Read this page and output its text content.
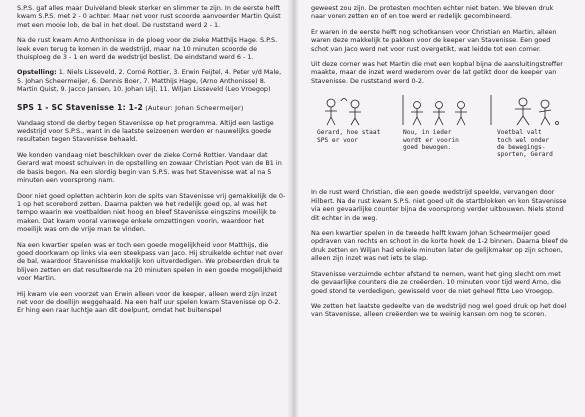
S.P.S. gaf alles maar Duiveland bleek sterker en slimmer te zijn. In de eerste helft kwam S.P.S. met 2 - 0 achter. Maar net voor rust scoorde aanvoerder Martin Quist met een mooie lob, de bal in het doel. De ruststand werd 2 - 1.

Na de rust kwam Arno Anthonisse in de ploeg voor de zieke Matthijs Hage. S.P.S. leek even terug te komen in de wedstrijd, maar na 10 minuten scoorde de thuisploeg de 3 - 1 en werd de wedstrijd beslist. De eindstand werd 6 - 1.

Opstelling: 1. Niels Lisseveld, 2. Corné Rottier, 3. Erwin Feijtel, 4. Peter v/d Male, 5. Johan Scheermeijer, 6. Dennis Boer, 7. Matthijs Hage, (Arno Anthonisse) 8. Martin Quist, 9. Jacco Jansen, 10. Johan Uijl, 11. Wiljan Lisseveld (Leo Vroegop)

SPS 1 - SC Stavenisse 1: 1-2 (Auteur: Johan Scheermeijer)

Vandaag stond de derby tegen Stavenisse op het programma. Altijd een lastige wedstrijd voor S.P.S., want in de laatste seizoenen werden er nauwelijks goede resultaten tegen Stavenisse behaald.

We konden vandaag niet beschikken over de zieke Corné Rottier. Vandaar dat Gerard wat moest schuiven in de opstelling en zowaar Christian Poot van de B1 in de basis begon. Na een slordig begin van S.P.S. was het Stavenisse wat al na 5 minuten een voorsprong nam.

Door niet goed opletten achterin kon de spits van Stavenisse vrij gemakkelijk de 0-1 op het scorebord zetten. Daarna pakten we het redelijk goed op, al was het tempo waarin we voetbalden niet hoog en bleef Stavenisse eingszins moeilijk te maken. Dat kwam vooral vanwege enkele omzettingen voorin, waardoor het moeilijk was om de vrije man te vinden.

Na een kwartier spelen was er toch een goede mogelijkheid voor Matthijs, die goed doorkwam op links via een steekpass van Jaco. Hij struikelde echter net over de bal, waardoor Stavenisse makkelijk kon uitverdedigen. We probeerden druk te blijven zetten en dat resulteerde na 20 minuten spelen in een goede mogelijkheid voor Martin.

Hij kwam vie een voorzet van Erwin alleen voor de keeper, alleen werd zijn inzet net voor de doellijn weggehaald. Na een half uur spelen kwam Stavenisse op 0-2. Er hing een raar luchtje aan dit doelpunt, omdat het buitenspel

geweest zou zijn. De protesten mochten echter niet baten. We bleven druk naar voren zetten en of en toe werd er redelijk gecombineerd.

Er waren in de eerste helft nog schotkansen voor Christian en Martin, alleen waren deze makkelijk te pakken voor de keeper van Stavenisse. Een goed schot van Jaco werd net voor rust overgetikt, wat leidde tot een corner.

Uit deze corner was het Martin die met een kopbal bijna de aansluitingstreffer maakte, maar de inzet werd wederom over de lat getikt door de keeper van Stavenisse. De ruststand werd 0-2.

Gerard, hoe staat
SPS er voor
Nou, in ieder
wordt er voorin
goed bewogen.
Voetbal valt
toch wel onder
de bewegings-
sporten, Gerard

In de rust werd Christian, die een goede wedstrijd speelde, vervangen door Hilbert. Na de rust kwam S.P.S. niet goed uit de startblokken en kon Stavenisse via een gevaarlijke counter bijna de voorsprong verder uitbouwen. Niels stond dit echter in de weg.

Na een kwartier spelen in de tweede helft kwam Johan Scheermeijer goed opdraven van rechts en schoot in de korte hoek de 1-2 binnen. Daarna bleef de druk zetten en Wiljan had enkele minuten later de gelijkmaker op zijn schoen, alleen zijn inzet was net iets te slap.

Stavenisse verzuimde echter afstand te nemen, want het ging slecht om met de gevaarlijke counters die ze creëerden. 10 minuten voor tijd werd Arno, die goed stond te verdedigen, gewisseld voor de niet geheel fitte Leo Vroegop.

We zetten het laatste gedeelte van de wedstrijd nog wel goed druk op het doel van Stavenisse, alleen creëerden we te weinig kansen om nog te scoren.
